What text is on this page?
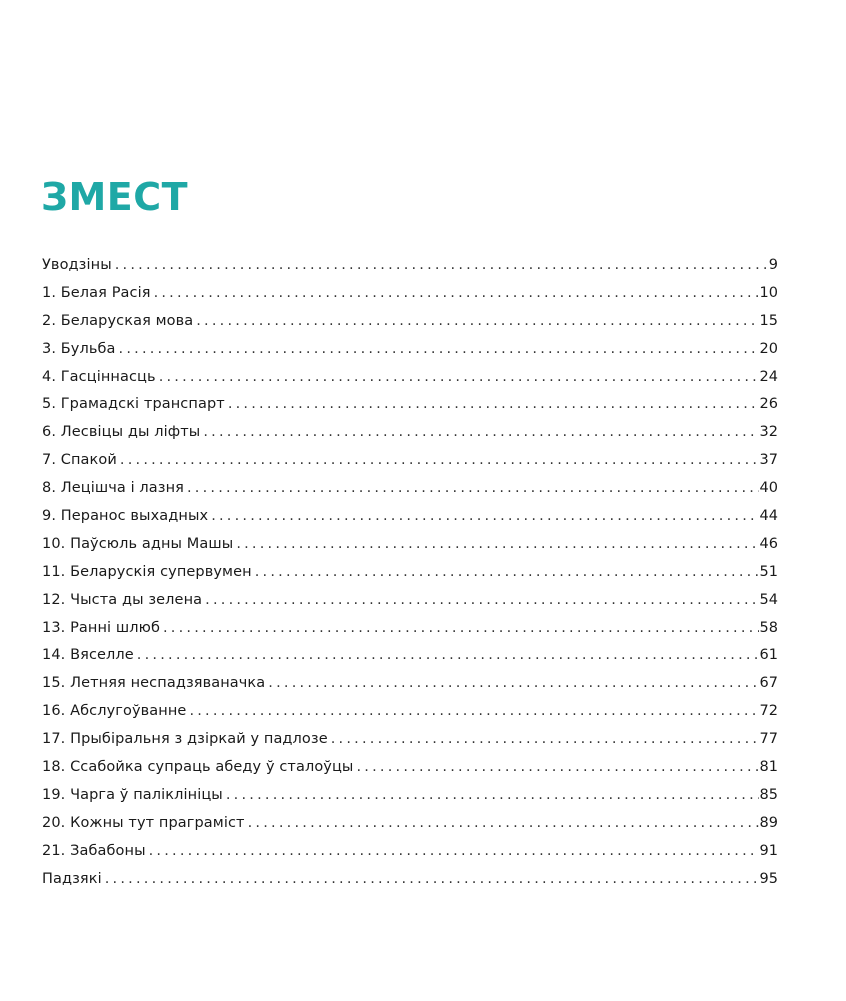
ЗМЕСТ
Уводзіны .....	9
1. Белая Расія .....	10
2. Беларуская мова .....	15
3. Бульба .....	20
4. Гасціннасць .....	24
5. Грамадскі транспарт .....	26
6. Лесвіцы ды ліфты .....	32
7. Спакой .....	37
8. Лецішча і лазня .....	40
9. Перанос выхадных .....	44
10. Паўсюль адны Машы .....	46
11. Беларускія супервумен .....	51
12. Чыста ды зелена .....	54
13. Ранні шлюб .....	58
14. Вяселле .....	61
15. Летняя неспадзяваначка .....	67
16. Абслугоўванне .....	72
17. Прыбіральня з дзіркай у падлозе .....	77
18. Ссабойка супраць абеду ў сталоўцы .....	81
19. Чарга ў паліклініцы .....	85
20. Кожны тут праграміст .....	89
21. Забабоны .....	91
Падзякі .....	95
